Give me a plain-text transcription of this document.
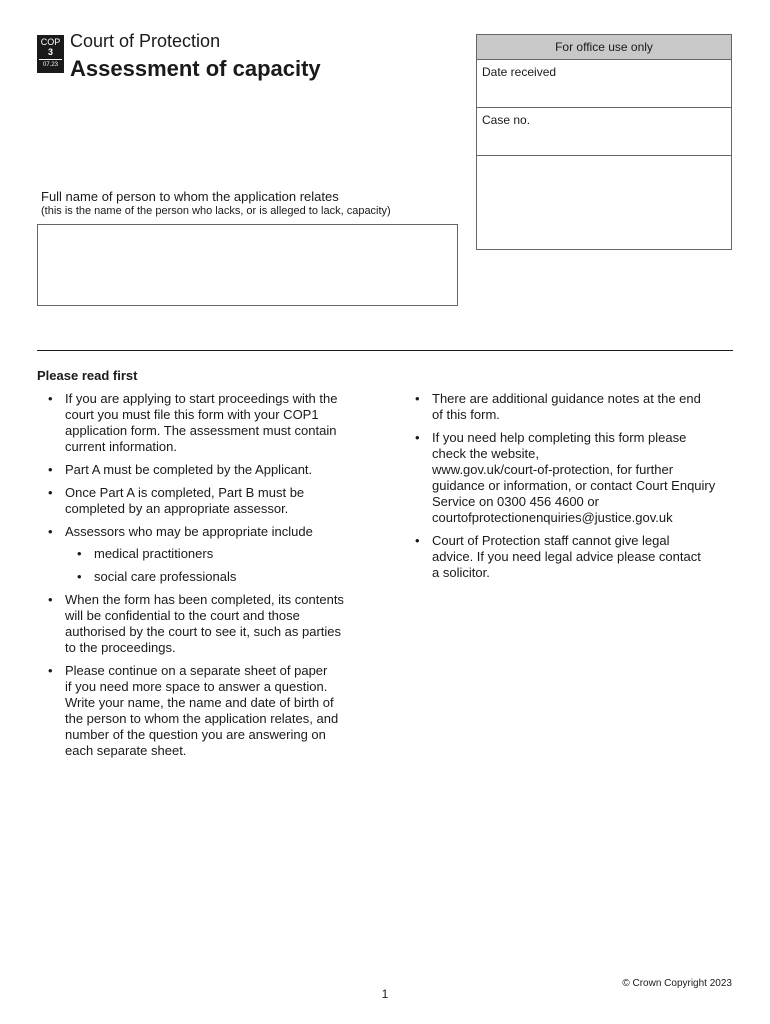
COP
3
07.23
Court of Protection
Assessment of capacity
For office use only
Date received
Case no.
Full name of person to whom the application relates
(this is the name of the person who lacks, or is alleged to lack, capacity)
Please read first
• If you are applying to start proceedings with the
court you must file this form with your COP1
application form. The assessment must contain
current information.
• Part A must be completed by the Applicant.
• Once Part A is completed, Part B must be
completed by an appropriate assessor.
• Assessors who may be appropriate include
• medical practitioners
• social care professionals
• When the form has been completed, its contents
will be confidential to the court and those
authorised by the court to see it, such as parties
to the proceedings.
• Please continue on a separate sheet of paper
if you need more space to answer a question.
Write your name, the name and date of birth of
the person to whom the application relates, and
number of the question you are answering on
each separate sheet.
• There are additional guidance notes at the end
of this form.
• If you need help completing this form please
check the website,
www.gov.uk/court-of-protection, for further
guidance or information, or contact Court Enquiry
Service on 0300 456 4600 or
courtofprotectionenquiries@justice.gov.uk
• Court of Protection staff cannot give legal
advice. If you need legal advice please contact
a solicitor.
© Crown Copyright 2023
1
